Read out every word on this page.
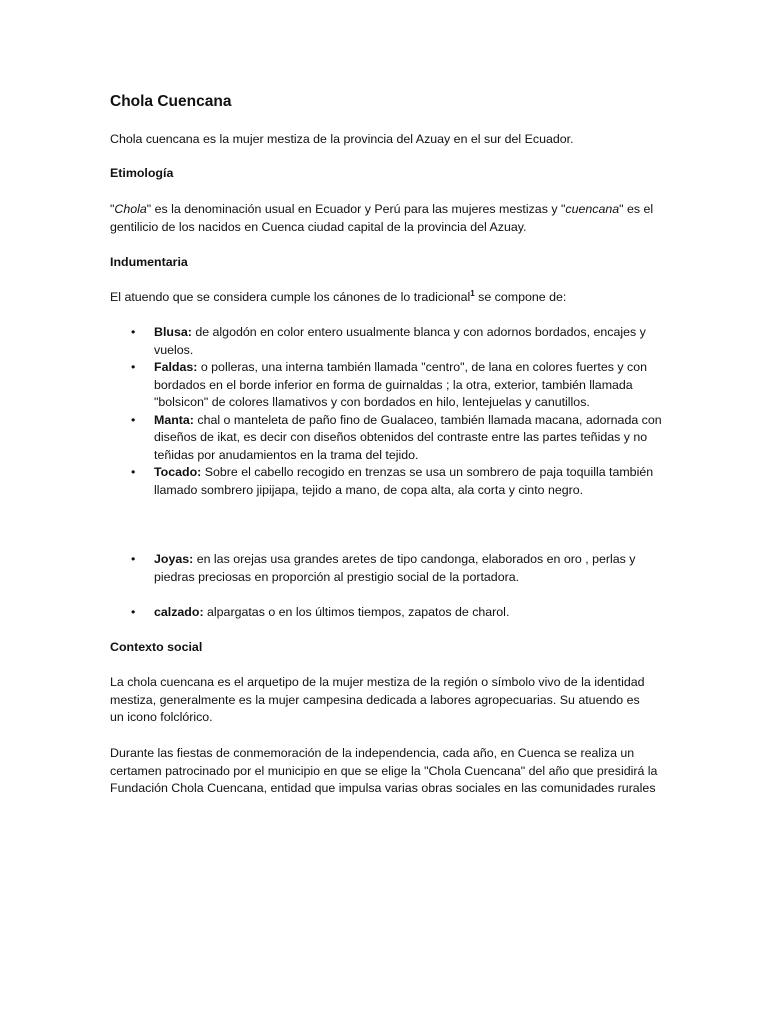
Chola Cuencana

Chola cuencana es la mujer mestiza de la provincia del Azuay en el sur del Ecuador.

Etimología

"Chola" es la denominación usual en Ecuador y Perú para las mujeres mestizas y "cuencana" es el gentilicio de los nacidos en Cuenca ciudad capital de la provincia del Azuay.

Indumentaria

El atuendo que se considera cumple los cánones de lo tradicional$^1$ se compone de:

• Blusa: de algodón en color entero usualmente blanca y con adornos bordados, encajes y vuelos.
• Faldas: o polleras, una interna también llamada "centro", de lana en colores fuertes y con bordados en el borde inferior en forma de guirnaldas ; la otra, exterior, también llamada "bolsicon" de colores llamativos y con bordados en hilo, lentejuelas y canutillos.
• Manta: chal o manteleta de paño fino de Gualaceo, también llamada macana, adornada con diseños de ikat, es decir con diseños obtenidos del contraste entre las partes teñidas y no teñidas por anudamientos en la trama del tejido.
• Tocado: Sobre el cabello recogido en trenzas se usa un sombrero de paja toquilla también llamado sombrero jipijapa, tejido a mano, de copa alta, ala corta y cinto negro.
• Joyas: en las orejas usa grandes aretes de tipo candonga, elaborados en oro , perlas y piedras preciosas en proporción al prestigio social de la portadora.
• calzado: alpargatas o en los últimos tiempos, zapatos de charol.
Contexto social

La chola cuencana es el arquetipo de la mujer mestiza de la región o símbolo vivo de la identidad mestiza, generalmente es la mujer campesina dedicada a labores agropecuarias. Su atuendo es un icono folclórico.

Durante las fiestas de conmemoración de la independencia, cada año, en Cuenca se realiza un certamen patrocinado por el municipio en que se elige la "Chola Cuencana" del año que presidirá la Fundación Chola Cuencana, entidad que impulsa varias obras sociales en las comunidades rurales
